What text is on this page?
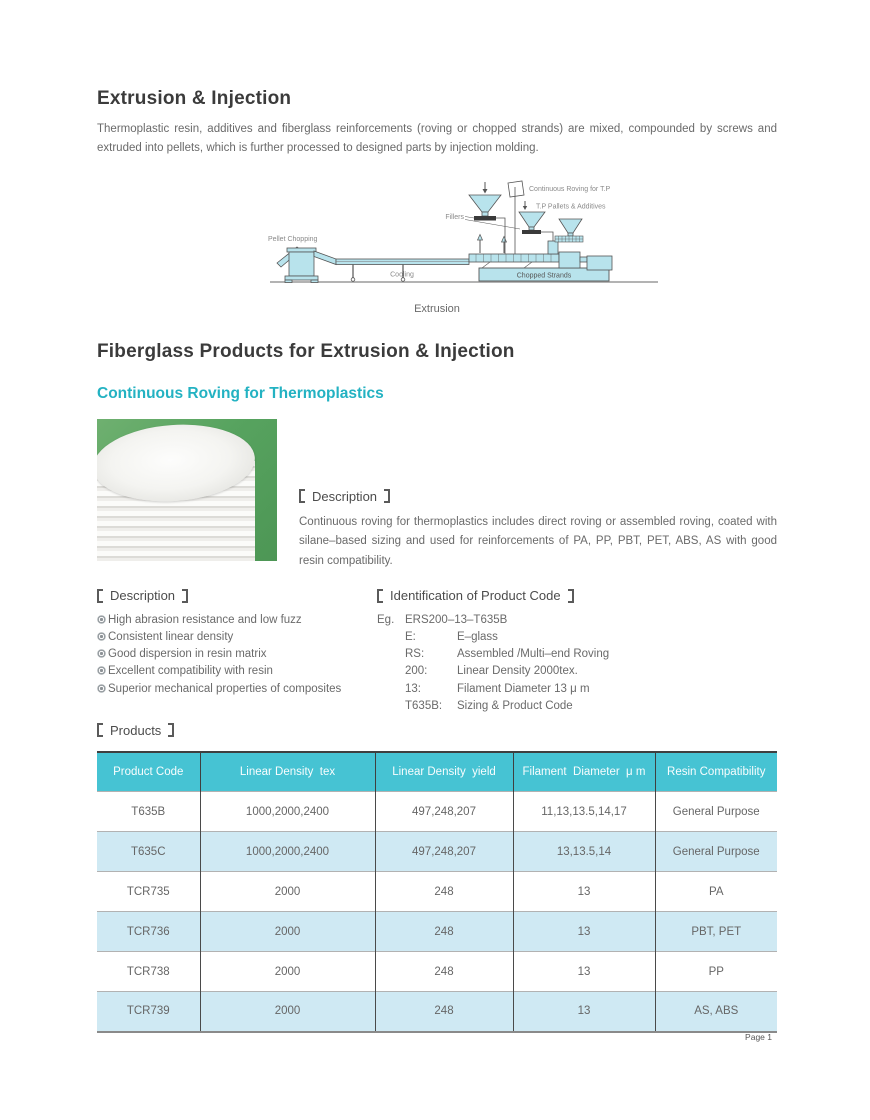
Extrusion & Injection

Thermoplastic resin, additives and fiberglass reinforcements (roving or chopped strands) are mixed, compounded by screws and extruded into pellets, which is further processed to designed parts by injection molding.

Pellet Chopping
Cooling	Chopped Strands
Continuous Roving for T.P
Fillers
T.P Pallets & Additives
Extrusion
Fiberglass Products for Extrusion & Injection
Continuous Roving for Thermoplastics
Description

Continuous roving for thermoplastics includes direct roving or assembled roving, coated with silane–based sizing and used for reinforcements of PA, PP, PBT, PET, ABS, AS with good resin compatibility.

Description
High abrasion resistance and low fuzz
Consistent linear density
Good dispersion in resin matrix
Excellent compatibility with resin
Superior mechanical properties of composites
Identification of Product Code
Eg. ERS200–13–T635B
E:	E–glass
RS:	Assembled /Multi–end Roving
200:	Linear Density 2000tex.
13:	Filament Diameter 13 μ m
T635B:	Sizing & Product Code
Products
Product Code	Linear Density  tex	Linear Density  yield	Filament  Diameter  μ m	Resin Compatibility
T635B	1000,2000,2400	497,248,207	11,13,13.5,14,17	General Purpose
T635C	1000,2000,2400	497,248,207	13,13.5,14	General Purpose
TCR735	2000	248	13	PA
TCR736	2000	248	13	PBT, PET
TCR738	2000	248	13	PP
TCR739	2000	248	13	AS, ABS
Page 1
